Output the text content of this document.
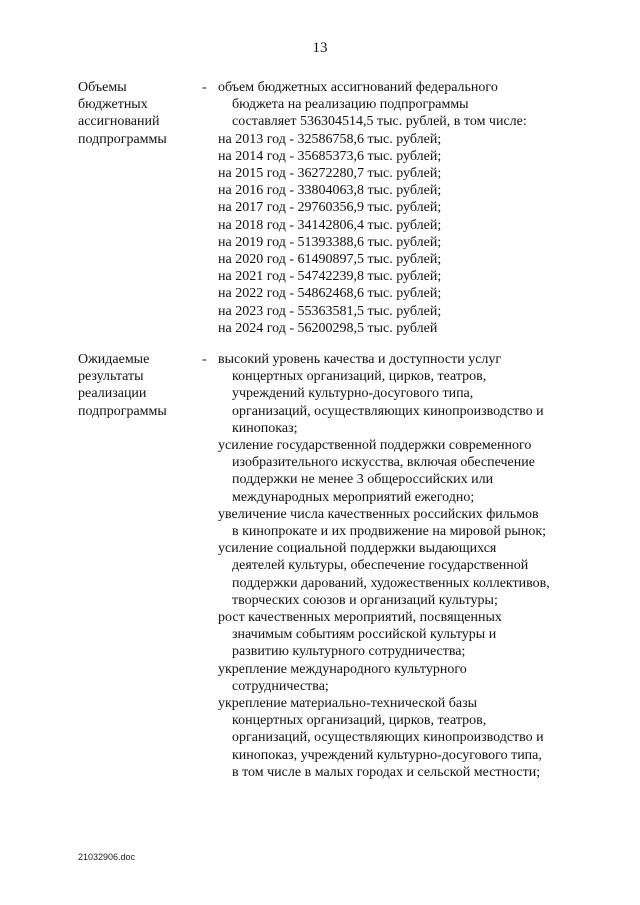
13
Объемы
бюджетных
ассигнований
подпрограммы
- объем бюджетных ассигнований федерального
бюджета на реализацию подпрограммы
составляет 536304514,5 тыс. рублей, в том числе:
на 2013 год - 32586758,6 тыс. рублей;
на 2014 год - 35685373,6 тыс. рублей;
на 2015 год - 36272280,7 тыс. рублей;
на 2016 год - 33804063,8 тыс. рублей;
на 2017 год - 29760356,9 тыс. рублей;
на 2018 год - 34142806,4 тыс. рублей;
на 2019 год - 51393388,6 тыс. рублей;
на 2020 год - 61490897,5 тыс. рублей;
на 2021 год - 54742239,8 тыс. рублей;
на 2022 год - 54862468,6 тыс. рублей;
на 2023 год - 55363581,5 тыс. рублей;
на 2024 год - 56200298,5 тыс. рублей
Ожидаемые
результаты
реализации
подпрограммы
- высокий уровень качества и доступности услуг
концертных организаций, цирков, театров,
учреждений культурно-досугового типа,
организаций, осуществляющих кинопроизводство и
кинопоказ;
усиление государственной поддержки современного
изобразительного искусства, включая обеспечение
поддержки не менее 3 общероссийских или
международных мероприятий ежегодно;
увеличение числа качественных российских фильмов
в кинопрокате и их продвижение на мировой рынок;
усиление социальной поддержки выдающихся
деятелей культуры, обеспечение государственной
поддержки дарований, художественных коллективов,
творческих союзов и организаций культуры;
рост качественных мероприятий, посвященных
значимым событиям российской культуры и
развитию культурного сотрудничества;
укрепление международного культурного
сотрудничества;
укрепление материально-технической базы
концертных организаций, цирков, театров,
организаций, осуществляющих кинопроизводство и
кинопоказ, учреждений культурно-досугового типа,
в том числе в малых городах и сельской местности;
21032906.doc
